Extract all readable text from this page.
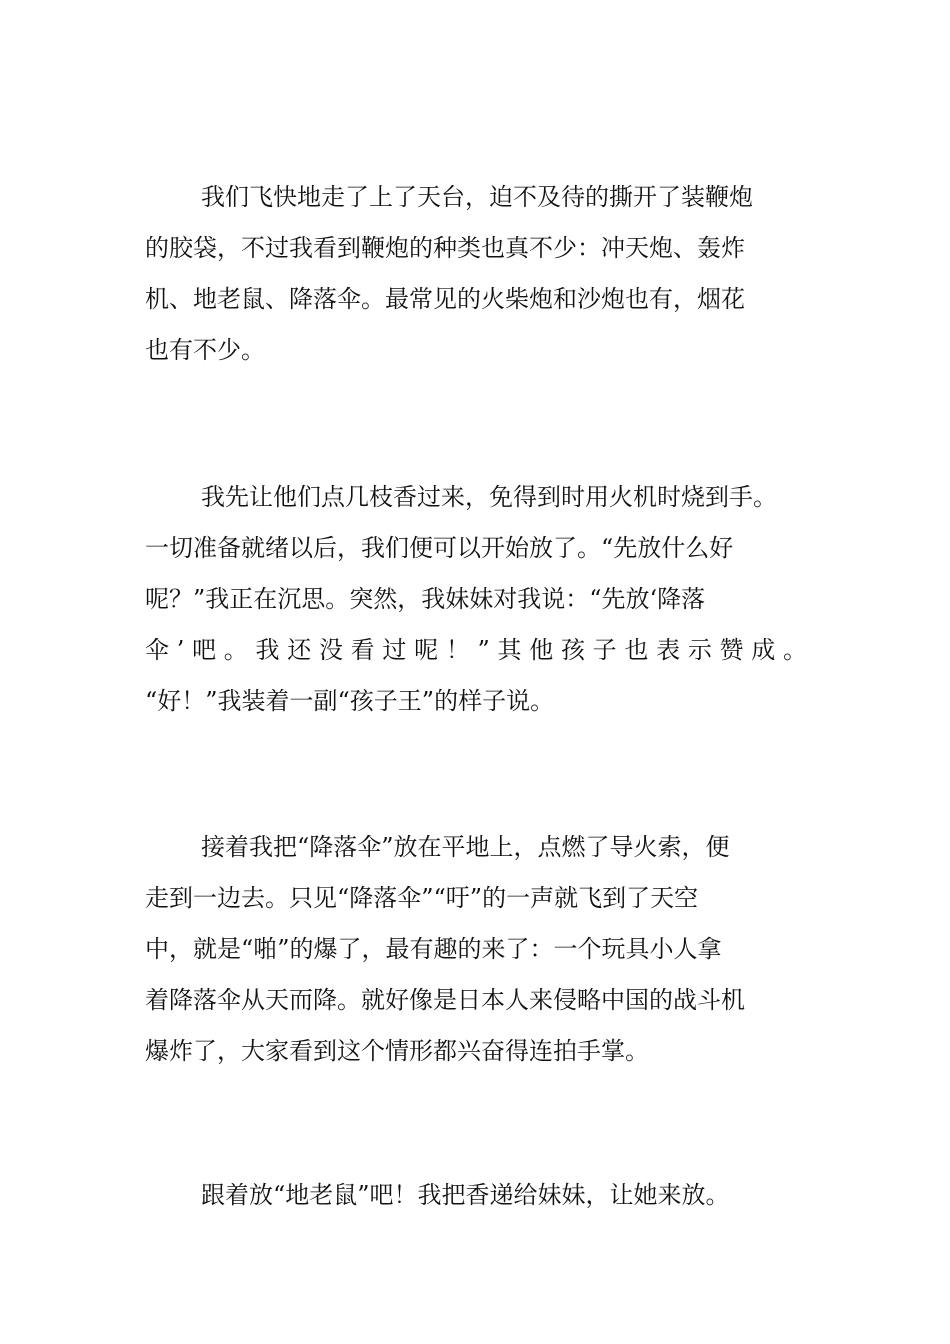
我们飞快地走了上了天台，迫不及待的撕开了装鞭炮
的胶袋，不过我看到鞭炮的种类也真不少：冲天炮、轰炸
机、地老鼠、降落伞。最常见的火柴炮和沙炮也有，烟花
也有不少。
我先让他们点几枝香过来，免得到时用火机时烧到手。
一切准备就绪以后，我们便可以开始放了。“先放什么好
呢？”我正在沉思。突然，我妹妹对我说：“先放‘降落
伞’吧。我还没看过呢！”其他孩子也表示赞成。
“好！”我装着一副“孩子王”的样子说。
接着我把“降落伞”放在平地上，点燃了导火索，便
走到一边去。只见“降落伞”“吁”的一声就飞到了天空
中，就是“啪”的爆了，最有趣的来了：一个玩具小人拿
着降落伞从天而降。就好像是日本人来侵略中国的战斗机
爆炸了，大家看到这个情形都兴奋得连拍手掌。
跟着放“地老鼠”吧！我把香递给妹妹，让她来放。
